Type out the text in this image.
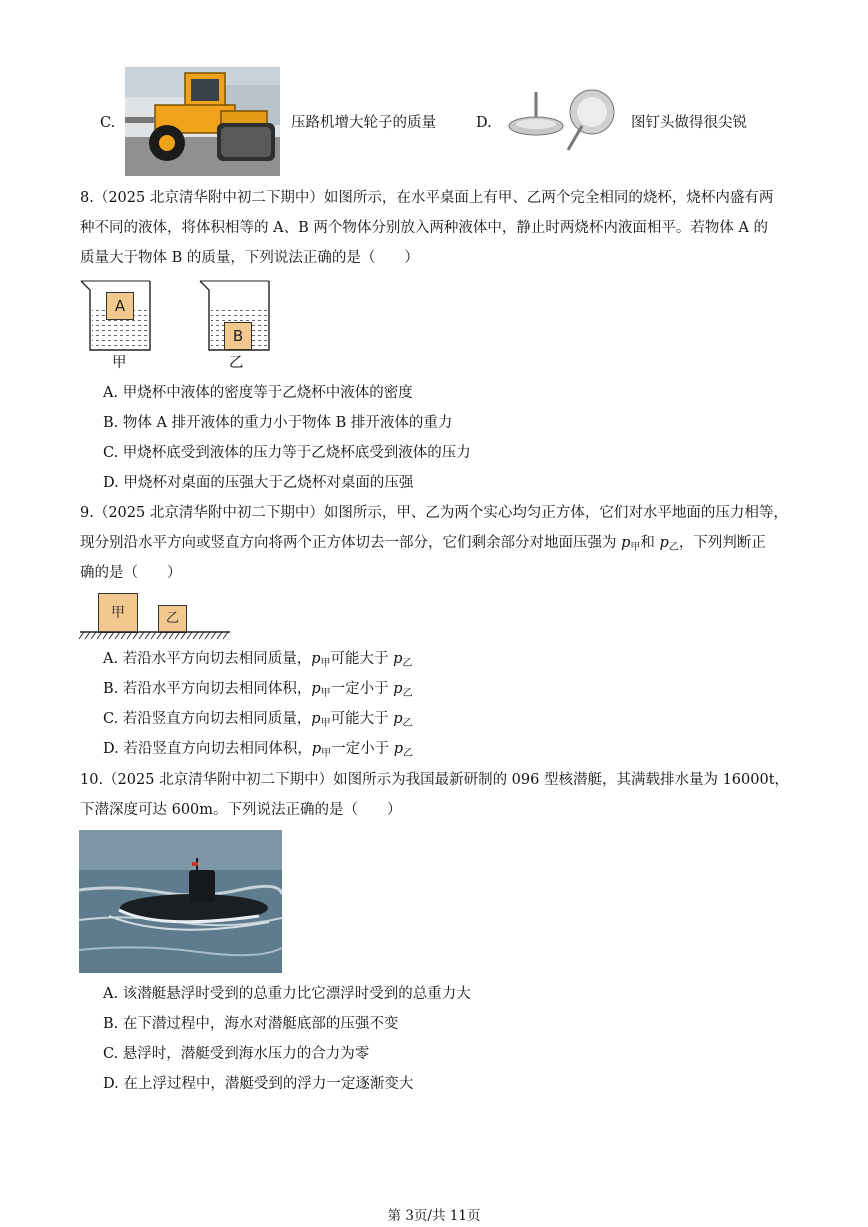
C.	压路机增大轮子的质量	D.	图钉头做得很尖锐
8.（2025 北京清华附中初二下期中）如图所示，在水平桌面上有甲、乙两个完全相同的烧杯，烧杯内盛有两
种不同的液体，将体积相等的 A、B 两个物体分别放入两种液体中，静止时两烧杯内液面相平。若物体 A 的
质量大于物体 B 的质量，下列说法正确的是（　　）
A
B
甲	乙
A. 甲烧杯中液体的密度等于乙烧杯中液体的密度
B. 物体 A 排开液体的重力小于物体 B 排开液体的重力
C. 甲烧杯底受到液体的压力等于乙烧杯底受到液体的压力
D. 甲烧杯对桌面的压强大于乙烧杯对桌面的压强
9.（2025 北京清华附中初二下期中）如图所示，甲、乙为两个实心均匀正方体，它们对水平地面的压力相等，
现分别沿水平方向或竖直方向将两个正方体切去一部分，它们剩余部分对地面压强为 $p_甲$和 $p_乙$，下列判断正
确的是（　　）
甲	乙
A. 若沿水平方向切去相同质量，$p_甲$可能大于 $p_乙$
B. 若沿水平方向切去相同体积，$p_甲$一定小于 $p_乙$
C. 若沿竖直方向切去相同质量，$p_甲$可能大于 $p_乙$
D. 若沿竖直方向切去相同体积，$p_甲$一定小于 $p_乙$
10.（2025 北京清华附中初二下期中）如图所示为我国最新研制的 096 型核潜艇，其满载排水量为 16000t，
下潜深度可达 600m。下列说法正确的是（　　）
A. 该潜艇悬浮时受到的总重力比它漂浮时受到的总重力大
B. 在下潜过程中，海水对潜艇底部的压强不变
C. 悬浮时，潜艇受到海水压力的合力为零
D. 在上浮过程中，潜艇受到的浮力一定逐渐变大
第 3页/共 11页
